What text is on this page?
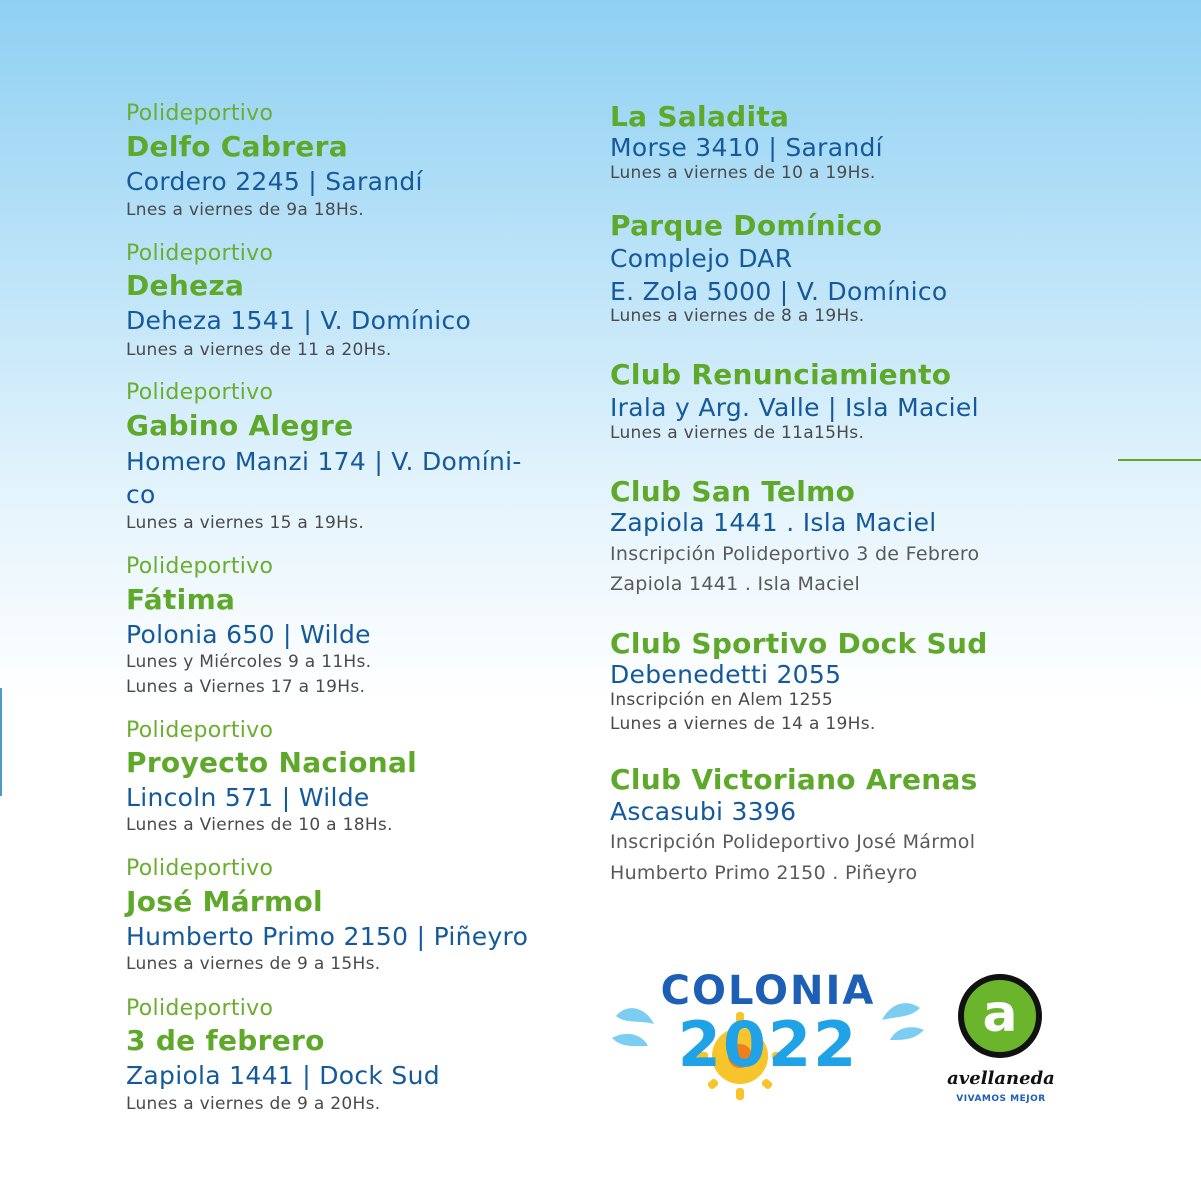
Polideportivo
Delfo Cabrera
Cordero 2245 | Sarandí
Lnes a viernes de 9a 18Hs.
Polideportivo
Deheza
Deheza 1541 | V. Domínico
Lunes a viernes de 11 a 20Hs.
Polideportivo
Gabino Alegre
Homero Manzi 174 | V. Domíni-
co
Lunes a viernes 15 a 19Hs.
Polideportivo
Fátima
Polonia 650 | Wilde
Lunes y Miércoles 9 a 11Hs.
Lunes a Viernes 17 a 19Hs.
Polideportivo
Proyecto Nacional
Lincoln 571 | Wilde
Lunes a Viernes de 10 a 18Hs.
Polideportivo
José Mármol
Humberto Primo 2150 | Piñeyro
Lunes a viernes de 9 a 15Hs.
Polideportivo
3 de febrero
Zapiola 1441 | Dock Sud
Lunes a viernes de 9 a 20Hs.
La Saladita
Morse 3410 | Sarandí
Lunes a viernes de 10 a 19Hs.
Parque Domínico
Complejo DAR
E. Zola 5000 | V. Domínico
Lunes a viernes de 8 a 19Hs.
Club Renunciamiento
Irala y Arg. Valle | Isla Maciel
Lunes a viernes de 11a15Hs.
Club San Telmo
Zapiola 1441 . Isla Maciel
Inscripción Polideportivo 3 de Febrero
Zapiola 1441 . Isla Maciel
Club Sportivo Dock Sud
Debenedetti 2055
Inscripción en Alem 1255
Lunes a viernes de 14 a 19Hs.
Club Victoriano Arenas
Ascasubi 3396
Inscripción Polideportivo José Mármol
Humberto Primo 2150 . Piñeyro
COLONIA
2022	a
avellaneda
VIVAMOS MEJOR
